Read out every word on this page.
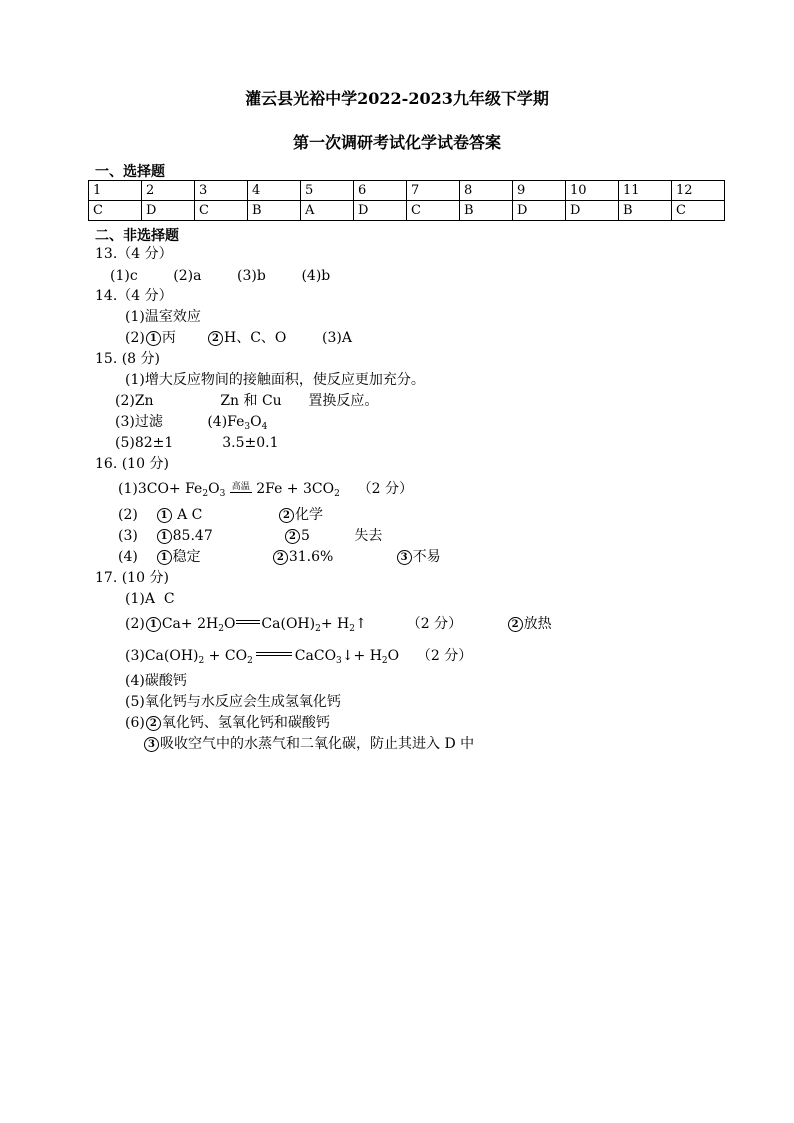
灌云县光裕中学2022-2023九年级下学期
第一次调研考试化学试卷答案
一、选择题
1	2	3	4	5	6	7	8	9	10	11	12
C	D	C	B	A	D	C	B	D	D	B	C
二、非选择题
13.（4 分）
(1)c        (2)a        (3)b        (4)b
14.（4 分）
(1)温室效应
(2) 1 丙       2 H、C、O        (3)A
15. (8 分)
(1)增大反应物间的接触面积，使反应更加充分。
(2)Zn               Zn 和 Cu      置换反应。
(3)过滤          $(4)Fe_3O_4$
(5)82±1           3.5±0.1
16. (10 分)
$(1)3CO+ Fe_2O_3$ 高温 $2Fe + 3CO_2$    （2 分）
(2)    1 A C                 2 化学
(3)    1 85.47                2 5          失去
(4)    1 稳定                2 31.6%              3 不易
17. (10 分)
(1)A  C
(2) 1 $Ca+ 2H_2O$ $Ca(OH)_2+$ $H_2↑$         （2 分）          2 放热
$(3)Ca(OH)_2 + CO_2$	CaCO$_3$↓+ $H_2O$    （2 分）
(4)碳酸钙
(5)氧化钙与水反应会生成氢氧化钙
(6) 2 氧化钙、氢氧化钙和碳酸钙
3 吸收空气中的水蒸气和二氧化碳，防止其进入 D 中
